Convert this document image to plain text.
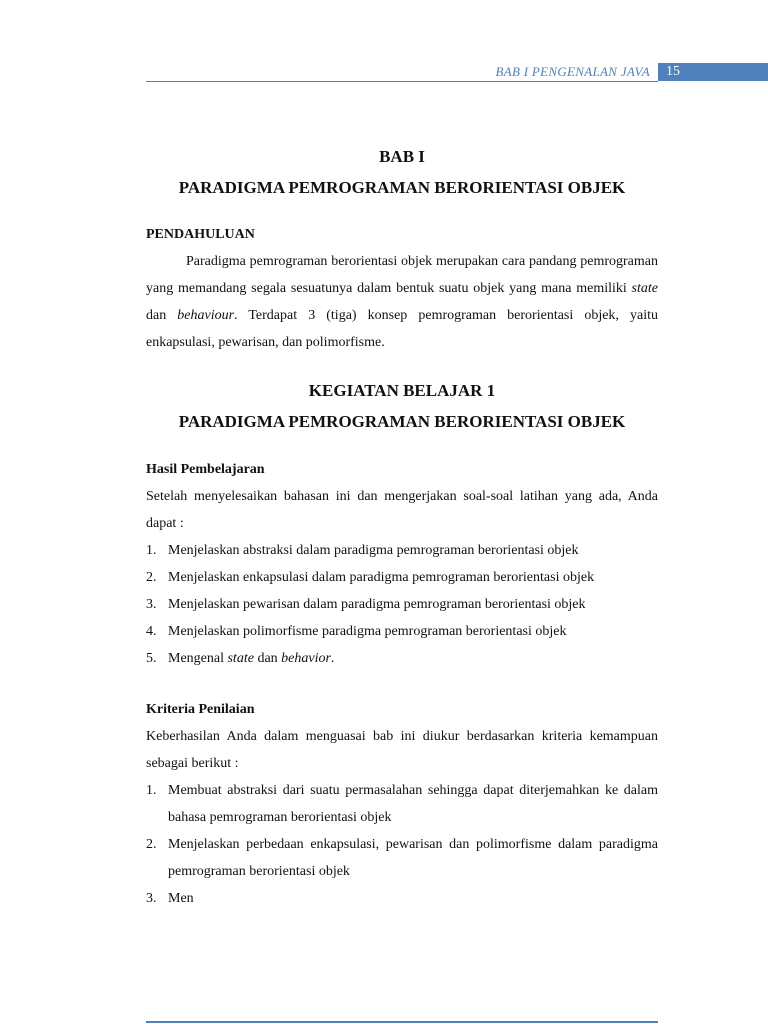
BAB I PENGENALAN JAVA 15
BAB I
PARADIGMA PEMROGRAMAN BERORIENTASI OBJEK
PENDAHULUAN

Paradigma pemrograman berorientasi objek merupakan cara pandang pemrograman yang memandang segala sesuatunya dalam bentuk suatu objek yang mana memiliki state dan behaviour. Terdapat 3 (tiga) konsep pemrograman berorientasi objek, yaitu enkapsulasi, pewarisan, dan polimorfisme.

KEGIATAN BELAJAR 1
PARADIGMA PEMROGRAMAN BERORIENTASI OBJEK
Hasil Pembelajaran

Setelah menyelesaikan bahasan ini dan mengerjakan soal-soal latihan yang ada, Anda dapat :

1. Menjelaskan abstraksi dalam paradigma pemrograman berorientasi objek
2. Menjelaskan enkapsulasi dalam paradigma pemrograman berorientasi objek
3. Menjelaskan pewarisan dalam paradigma pemrograman berorientasi objek
4. Menjelaskan polimorfisme paradigma pemrograman berorientasi objek
5. Mengenal state dan behavior.
Kriteria Penilaian

Keberhasilan Anda dalam menguasai bab ini diukur berdasarkan kriteria kemampuan sebagai berikut :

1. Membuat abstraksi dari suatu permasalahan sehingga dapat diterjemahkan ke dalam bahasa pemrograman berorientasi objek
2. Menjelaskan perbedaan enkapsulasi, pewarisan dan polimorfisme dalam paradigma pemrograman berorientasi objek
3. Men
